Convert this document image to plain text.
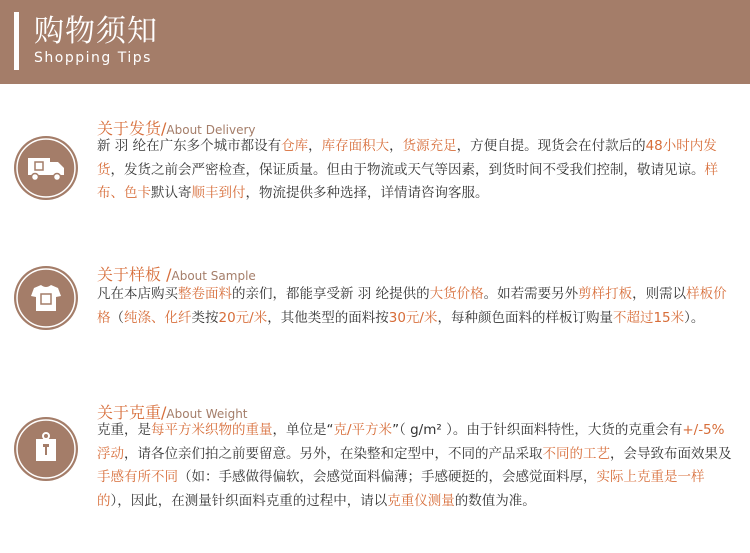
购物须知
Shopping Tips
关于发货/About Delivery
新 羽 纶在广东多个城市都设有仓库，库存面积大，货源充足，方便自提。现货会在付款后的48小时内发货，发货之前会严密检查，保证质量。但由于物流或天气等因素，到货时间不受我们控制，敬请见谅。样布、色卡默认寄顺丰到付，物流提供多种选择，详情请咨询客服。
关于样板 /About Sample
凡在本店购买整卷面料的亲们，都能享受新 羽 纶提供的大货价格。如若需要另外剪样打板，则需以样板价格（纯涤、化纤类按20元/米，其他类型的面料按30元/米，每种颜色面料的样板订购量不超过15米）。
关于克重/About Weight
克重，是每平方米织物的重量，单位是“克/平方米”（ g/m² ）。由于针织面料特性，大货的克重会有+/-5%浮动，请各位亲们拍之前要留意。另外，在染整和定型中，不同的产品采取不同的工艺，会导致布面效果及手感有所不同（如：手感做得偏软，会感觉面料偏薄；手感硬挺的，会感觉面料厚，实际上克重是一样的），因此，在测量针织面料克重的过程中，请以克重仪测量的数值为准。
